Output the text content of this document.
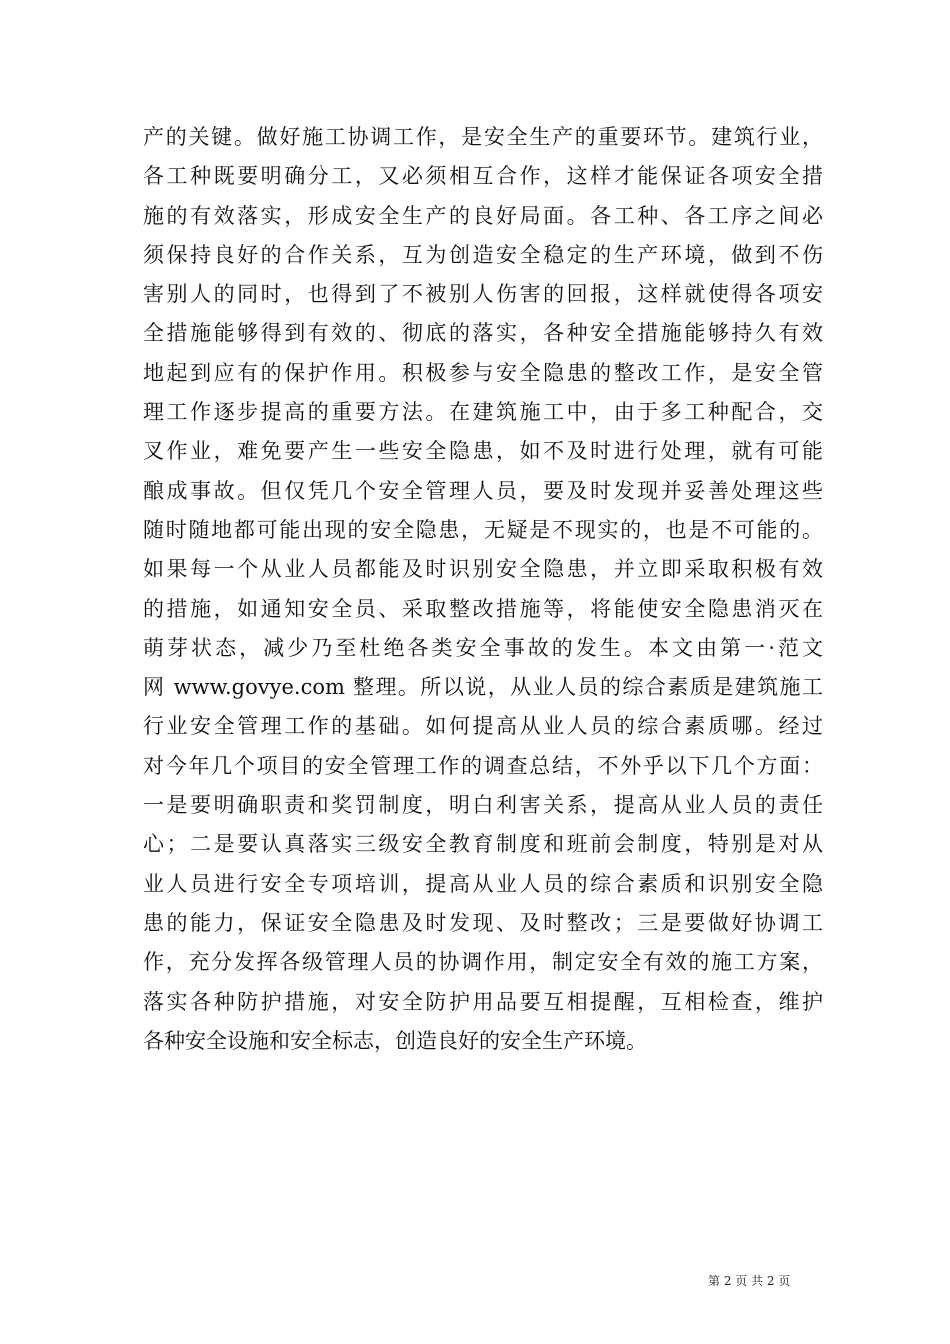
产的关键。做好施工协调工作，是安全生产的重要环节。建筑行业，
各工种既要明确分工，又必须相互合作，这样才能保证各项安全措
施的有效落实，形成安全生产的良好局面。各工种、各工序之间必
须保持良好的合作关系，互为创造安全稳定的生产环境，做到不伤
害别人的同时，也得到了不被别人伤害的回报，这样就使得各项安
全措施能够得到有效的、彻底的落实，各种安全措施能够持久有效
地起到应有的保护作用。积极参与安全隐患的整改工作，是安全管
理工作逐步提高的重要方法。在建筑施工中，由于多工种配合，交
叉作业，难免要产生一些安全隐患，如不及时进行处理，就有可能
酿成事故。但仅凭几个安全管理人员，要及时发现并妥善处理这些
随时随地都可能出现的安全隐患，无疑是不现实的，也是不可能的。
如果每一个从业人员都能及时识别安全隐患，并立即采取积极有效
的措施，如通知安全员、采取整改措施等，将能使安全隐患消灭在
萌芽状态，减少乃至杜绝各类安全事故的发生。本文由第一·范文
网 www.govye.com 整理。所以说，从业人员的综合素质是建筑施工
行业安全管理工作的基础。如何提高从业人员的综合素质哪。经过
对今年几个项目的安全管理工作的调查总结，不外乎以下几个方面：
一是要明确职责和奖罚制度，明白利害关系，提高从业人员的责任
心；二是要认真落实三级安全教育制度和班前会制度，特别是对从
业人员进行安全专项培训，提高从业人员的综合素质和识别安全隐
患的能力，保证安全隐患及时发现、及时整改；三是要做好协调工
作，充分发挥各级管理人员的协调作用，制定安全有效的施工方案，
落实各种防护措施，对安全防护用品要互相提醒，互相检查，维护
各种安全设施和安全标志，创造良好的安全生产环境。
第 2 页 共 2 页
